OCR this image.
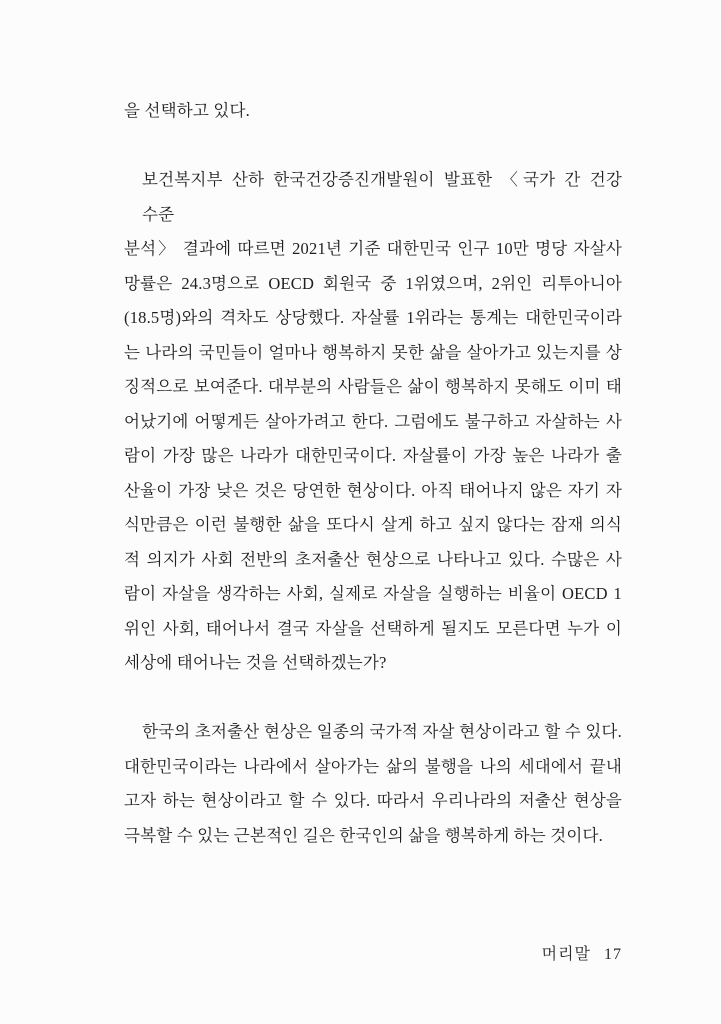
을 선택하고 있다.
보건복지부 산하 한국건강증진개발원이 발표한 〈국가 간 건강 수준
분석〉 결과에 따르면 2021년 기준 대한민국 인구 10만 명당 자살사
망률은 24.3명으로 OECD 회원국 중 1위였으며, 2위인 리투아니아
(18.5명)와의 격차도 상당했다. 자살률 1위라는 통계는 대한민국이라
는 나라의 국민들이 얼마나 행복하지 못한 삶을 살아가고 있는지를 상
징적으로 보여준다. 대부분의 사람들은 삶이 행복하지 못해도 이미 태
어났기에 어떻게든 살아가려고 한다. 그럼에도 불구하고 자살하는 사
람이 가장 많은 나라가 대한민국이다. 자살률이 가장 높은 나라가 출
산율이 가장 낮은 것은 당연한 현상이다. 아직 태어나지 않은 자기 자
식만큼은 이런 불행한 삶을 또다시 살게 하고 싶지 않다는 잠재 의식
적 의지가 사회 전반의 초저출산 현상으로 나타나고 있다. 수많은 사
람이 자살을 생각하는 사회, 실제로 자살을 실행하는 비율이 OECD 1
위인 사회, 태어나서 결국 자살을 선택하게 될지도 모른다면 누가 이
세상에 태어나는 것을 선택하겠는가?
한국의 초저출산 현상은 일종의 국가적 자살 현상이라고 할 수 있다.
대한민국이라는 나라에서 살아가는 삶의 불행을 나의 세대에서 끝내
고자 하는 현상이라고 할 수 있다. 따라서 우리나라의 저출산 현상을
극복할 수 있는 근본적인 길은 한국인의 삶을 행복하게 하는 것이다.
머리말 17
